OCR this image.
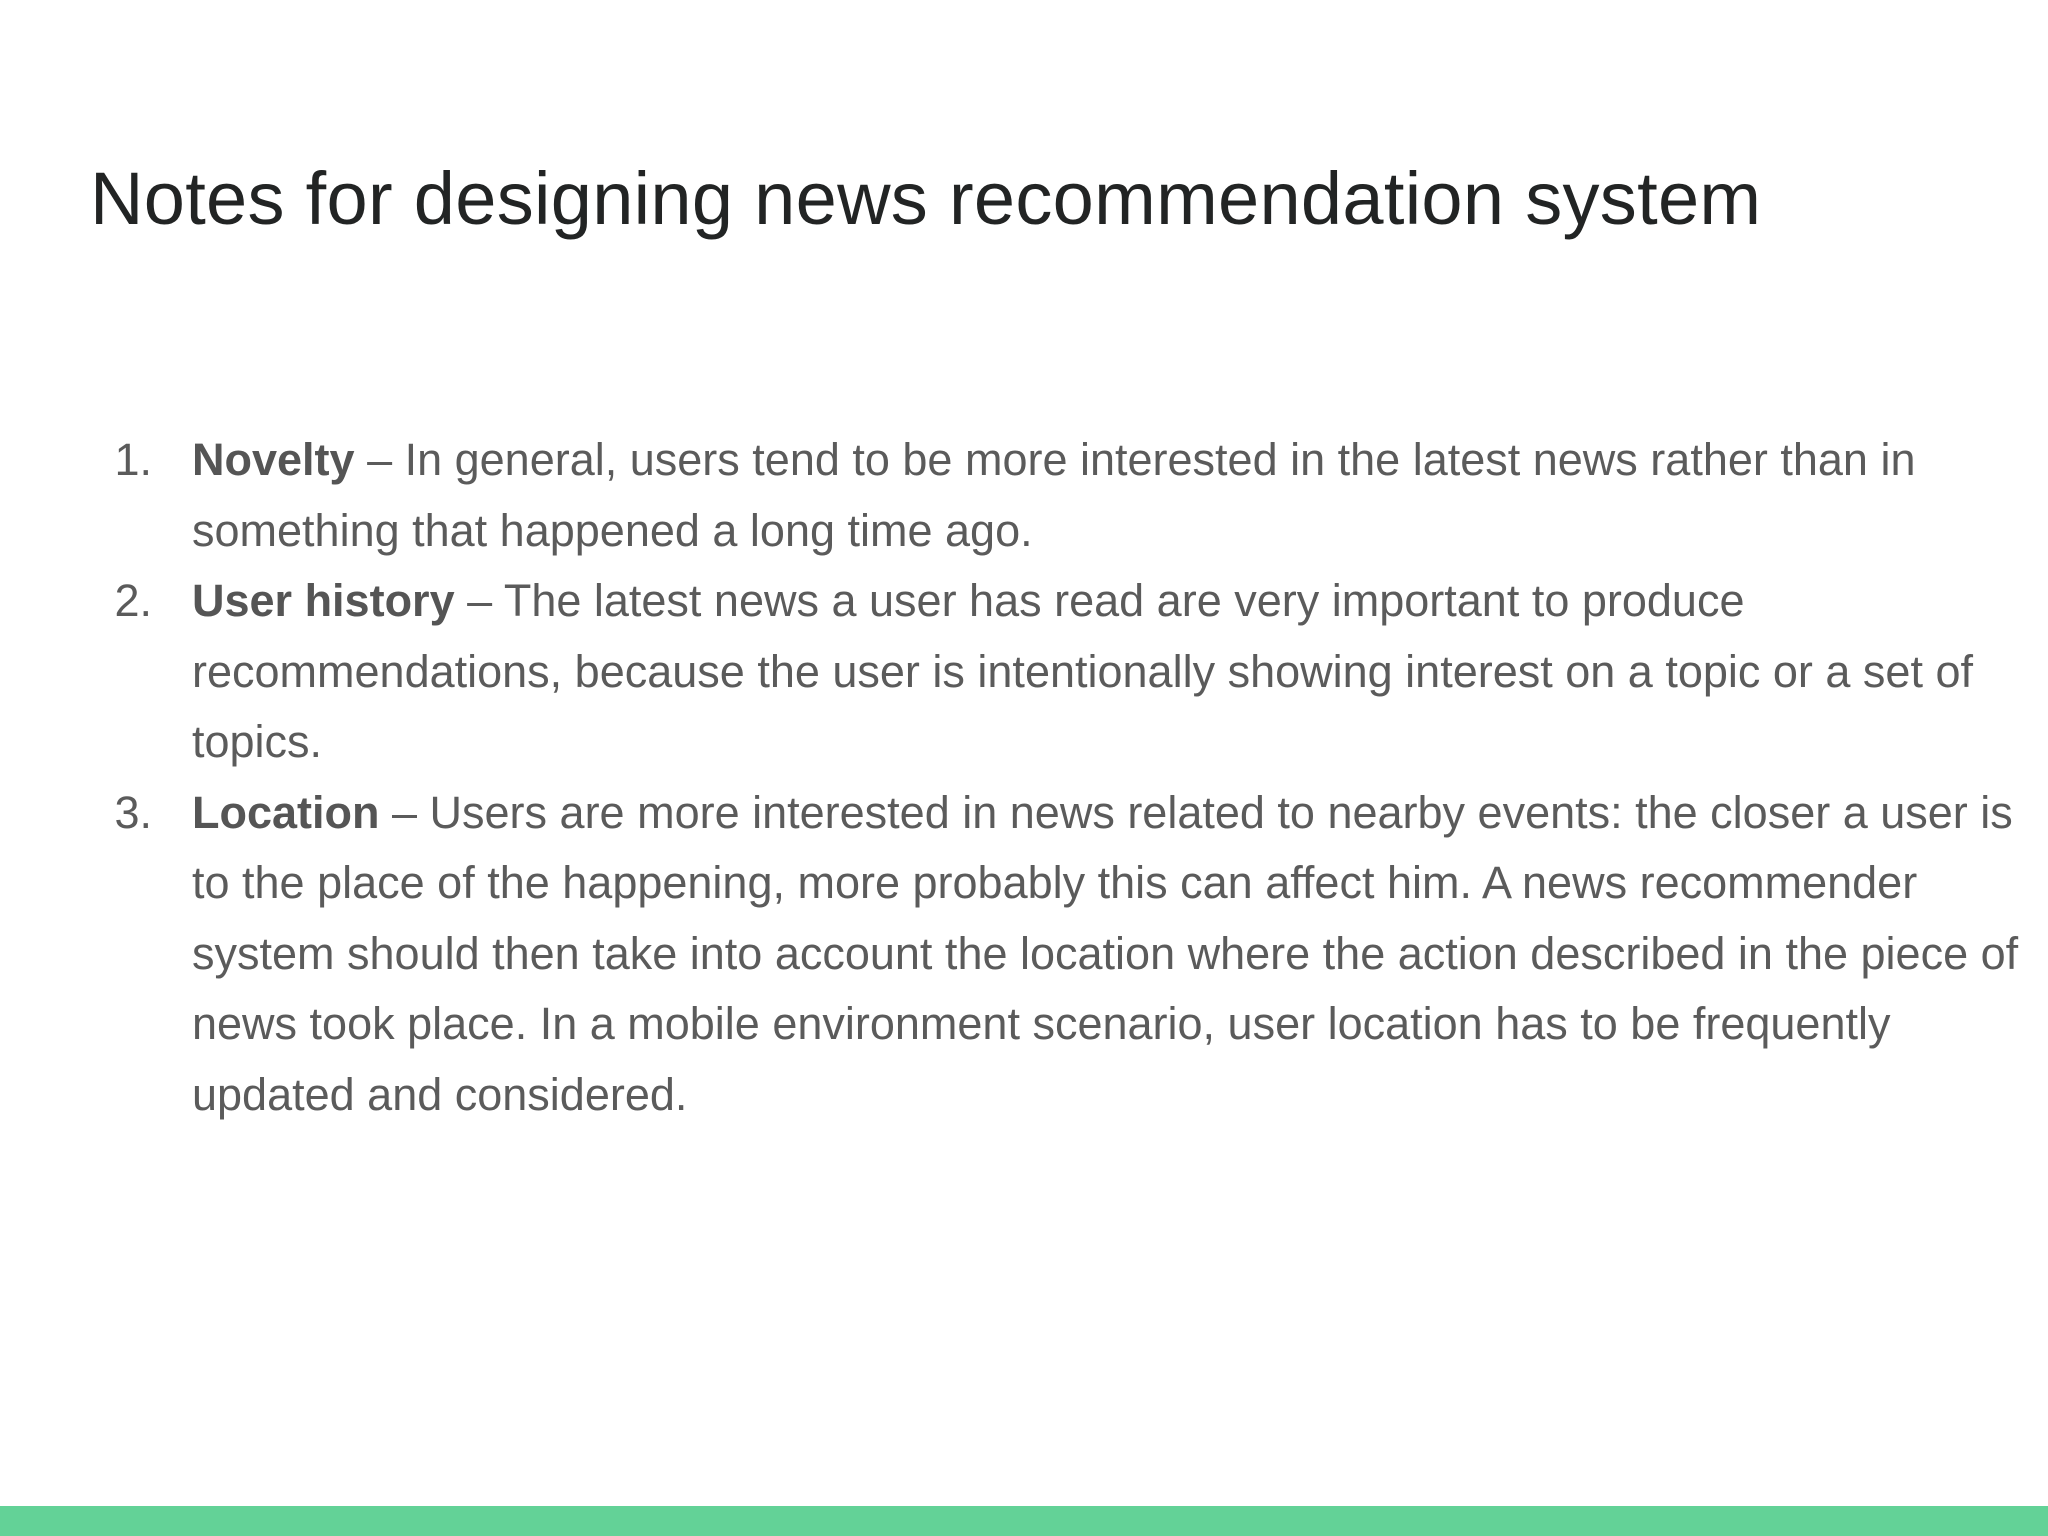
Notes for designing news recommendation system
1. Novelty – In general, users tend to be more interested in the latest news rather than in something that happened a long time ago.
2. User history – The latest news a user has read are very important to produce recommendations, because the user is intentionally showing interest on a topic or a set of topics.
3. Location – Users are more interested in news related to nearby events: the closer a user is to the place of the happening, more probably this can affect him. A news recommender system should then take into account the location where the action described in the piece of news took place. In a mobile environment scenario, user location has to be frequently updated and considered.
